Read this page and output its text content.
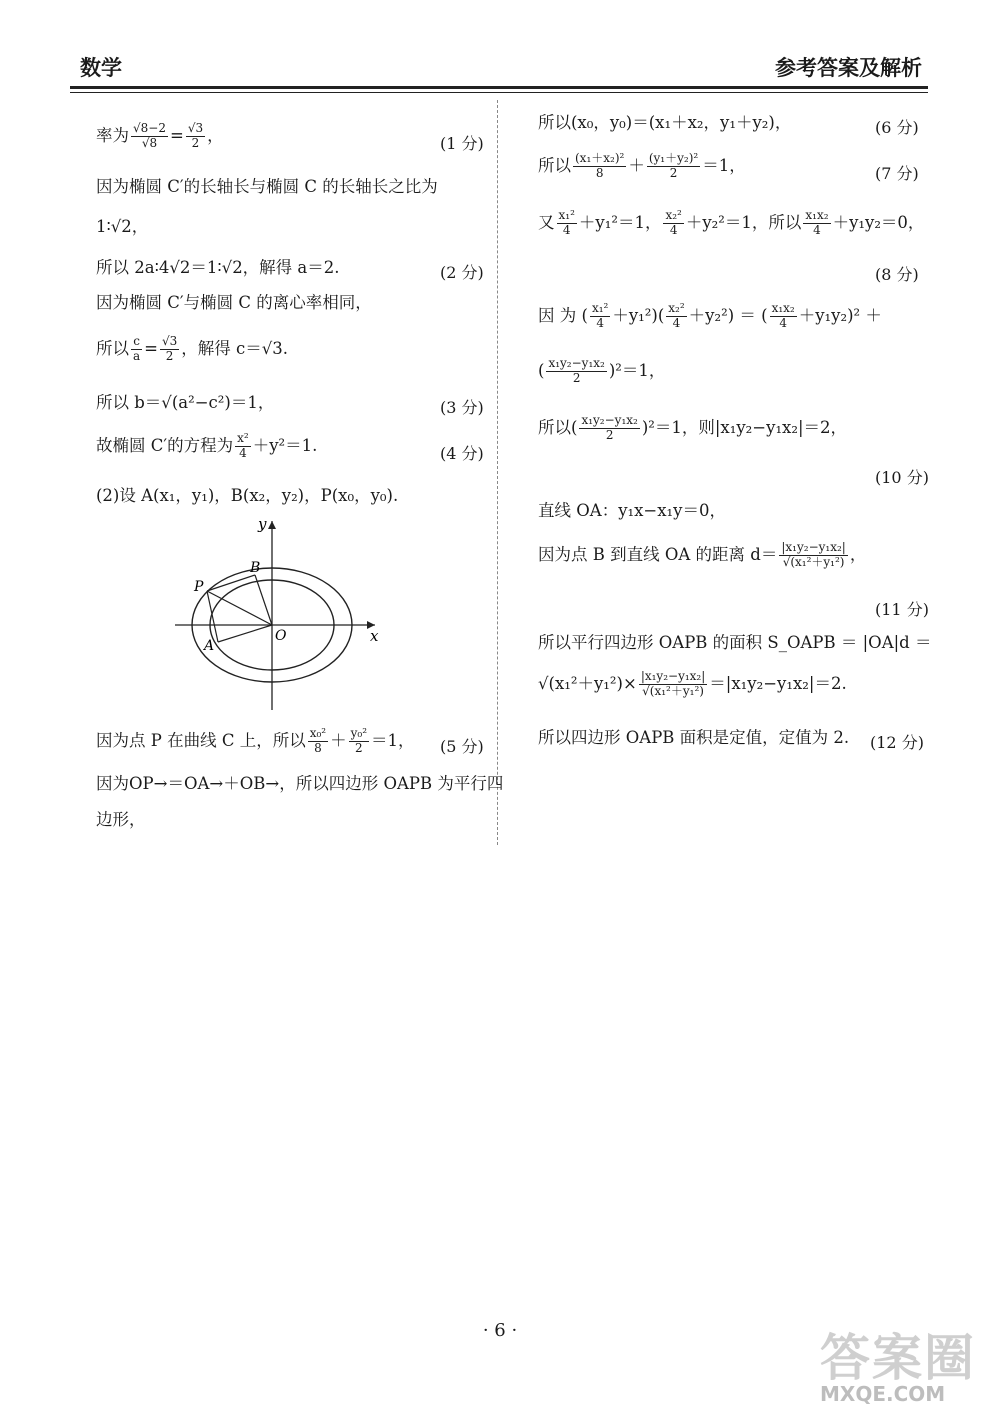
数学	参考答案及解析
率为 $\frac{√8-2}{√8} = \frac{√3}{2}$ ，	(1 分)
因为椭圆 C′的长轴长与椭圆 C 的长轴长之比为
1∶√2，
所以 2a∶4√2＝1∶√2，解得 a＝2.	(2 分)
因为椭圆 C′与椭圆 C 的离心率相同，
所以 $\frac{c}{a} = \frac{√3}{2}$ ，解得 c＝√3.
所以 b＝√(a²−c²)＝1，	(3 分)
故椭圆 C′的方程为 $\frac{\text{x²}}{4} +y^2=1$.	(4 分)
(2)设 A(x₁，y₁)，B(x₂，y₂)，P(x₀，y₀).
y
x
O
P
B
A
因为点 P 在曲线 C 上，所以 $\frac{\text{x₀²}}{8} + \frac{\text{y₀²}}{2} =1$， (5 分)
因为OP→＝OA→＋OB→，所以四边形 OAPB 为平行四
边形，
所以(x₀，y₀)＝(x₁＋x₂，y₁＋y₂)，	(6 分)
所以 $\frac{\text{(x₁＋x₂)²}}{8} + \frac{\text{(y₁＋y₂)²}}{2} =1$，	(7 分)
又 $\frac{\text{x₁²}}{4} +y_1^2=1$， $\frac{\text{x₂²}}{4} +y_2^2=1$，所以 $\frac{\text{x₁x₂}}{4} +y_1y_2=0$，
(8 分)
因 为 ( $\frac{\text{x₁²}}{4} +y_1^2)( \frac{\text{x₂²}}{4} +y_2^2)$ ＝ ( $\frac{\text{x₁x₂}}{4} +y_1y_2)^2$ ＋
( $\frac{\text{x₁y₂−y₁x₂}}{2} )^2=1$，
所以( $\frac{\text{x₁y₂−y₁x₂}}{2} )^2=1$，则|x₁y₂−y₁x₂|＝2，
(10 分)
直线 OA：y₁x−x₁y＝0，
因为点 B 到直线 OA 的距离 $d= \frac{\text{|x₁y₂−y₁x₂|}}{\text{√(x₁²＋y₁²)}}$ ，
(11 分)
所以平行四边形 OAPB 的面积 S_OAPB ＝ |OA|d ＝
$√(x_1^2+y_1^2)\times \frac{\text{|x₁y₂−y₁x₂|}}{\text{√(x₁²＋y₁²)}} =|x_1y_2-y_1x_2|=2$.
所以四边形 OAPB 面积是定值，定值为 2. (12 分)
· 6 ·	答案圈
MXQE.COM
